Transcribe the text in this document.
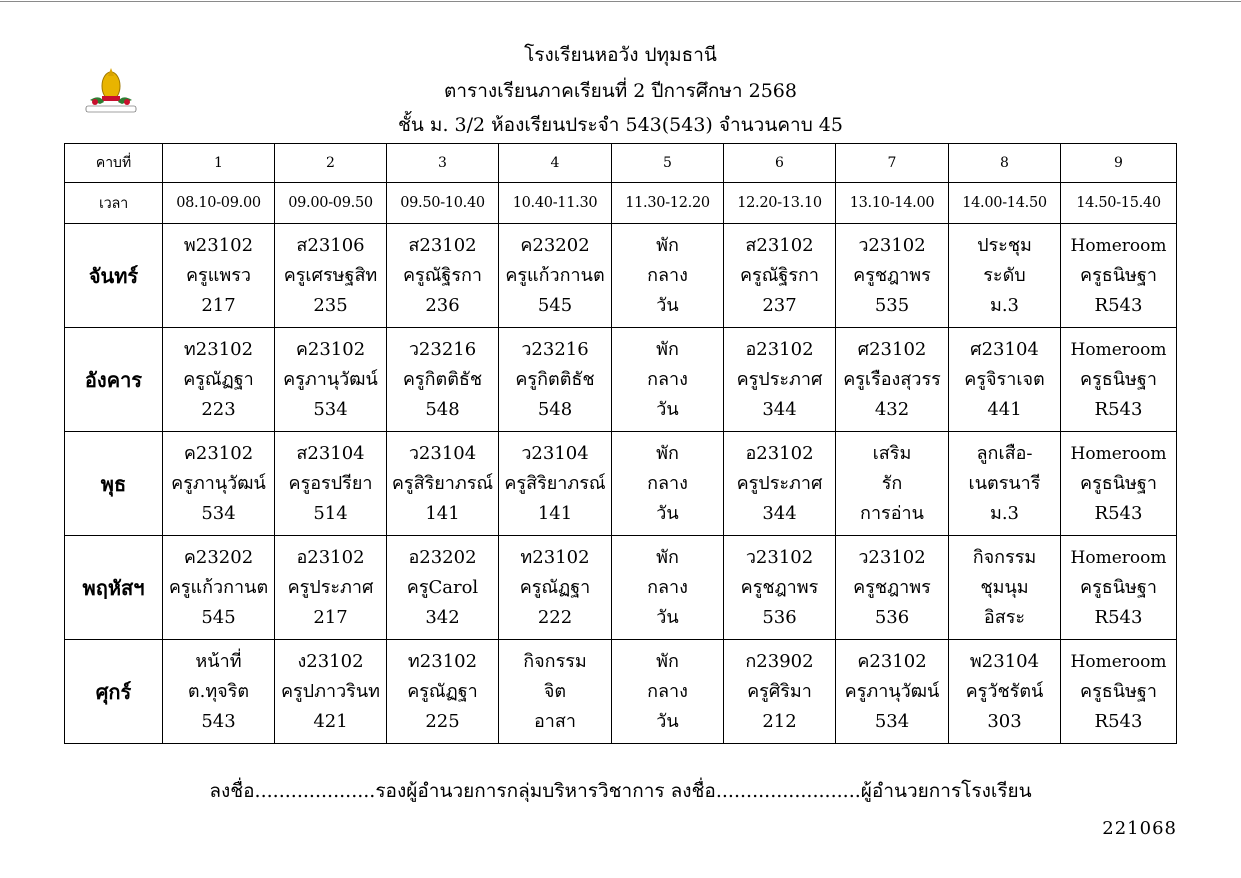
โรงเรียนหอวัง ปทุมธานี
ตารางเรียนภาคเรียนที่ 2 ปีการศึกษา 2568
ชั้น ม. 3/2 ห้องเรียนประจำ 543(543) จำนวนคาบ 45
คาบที่	1	2	3	4	5	6	7	8	9
เวลา	08.10-09.00	09.00-09.50	09.50-10.40	10.40-11.30	11.30-12.20	12.20-13.10	13.10-14.00	14.00-14.50	14.50-15.40
จันทร์	พ23102
ครูแพรว
217	ส23106
ครูเศรษฐสิท
235	ส23102
ครูณัฐิรกา
236	ค23202
ครูแก้วกานต
545	พัก
กลาง
วัน	ส23102
ครูณัฐิรกา
237	ว23102
ครูชฎาพร
535	ประชุม
ระดับ
ม.3	Homeroom
ครูธนิษฐา
R543

อังคาร	ท23102
ครูณัฏฐา
223	ค23102
ครูภานุวัฒน์
534	ว23216
ครูกิตติธัช
548	ว23216
ครูกิตติธัช
548	พัก
กลาง
วัน	อ23102
ครูประภาศ
344	ศ23102
ครูเรืองสุวรร
432	ศ23104
ครูจิราเจต
441	Homeroom
ครูธนิษฐา
R543

พุธ	ค23102
ครูภานุวัฒน์
534	ส23104
ครูอรปรียา
514	ว23104
ครูสิริยาภรณ์
141	ว23104
ครูสิริยาภรณ์
141	พัก
กลาง
วัน	อ23102
ครูประภาศ
344	เสริม
รัก
การอ่าน	ลูกเสือ-
เนตรนารี
ม.3	Homeroom
ครูธนิษฐา
R543

พฤหัสฯ	ค23202
ครูแก้วกานต
545	อ23102
ครูประภาศ
217	อ23202
ครูCarol
342	ท23102
ครูณัฏฐา
222	พัก
กลาง
วัน	ว23102
ครูชฎาพร
536	ว23102
ครูชฎาพร
536	กิจกรรม
ชุมนุม
อิสระ	Homeroom
ครูธนิษฐา
R543

ศุกร์	หน้าที่
ต.ทุจริต
543	ง23102
ครูปภาวรินท
421	ท23102
ครูณัฏฐา
225	กิจกรรม
จิต
อาสา	พัก
กลาง
วัน	ก23902
ครูศิริมา
212	ค23102
ครูภานุวัฒน์
534	พ23104
ครูวัชรัตน์
303	Homeroom
ครูธนิษฐา
R543
ลงชื่อ....................รองผู้อำนวยการกลุ่มบริหารวิชาการ ลงชื่อ........................ผู้อำนวยการโรงเรียน
221068
